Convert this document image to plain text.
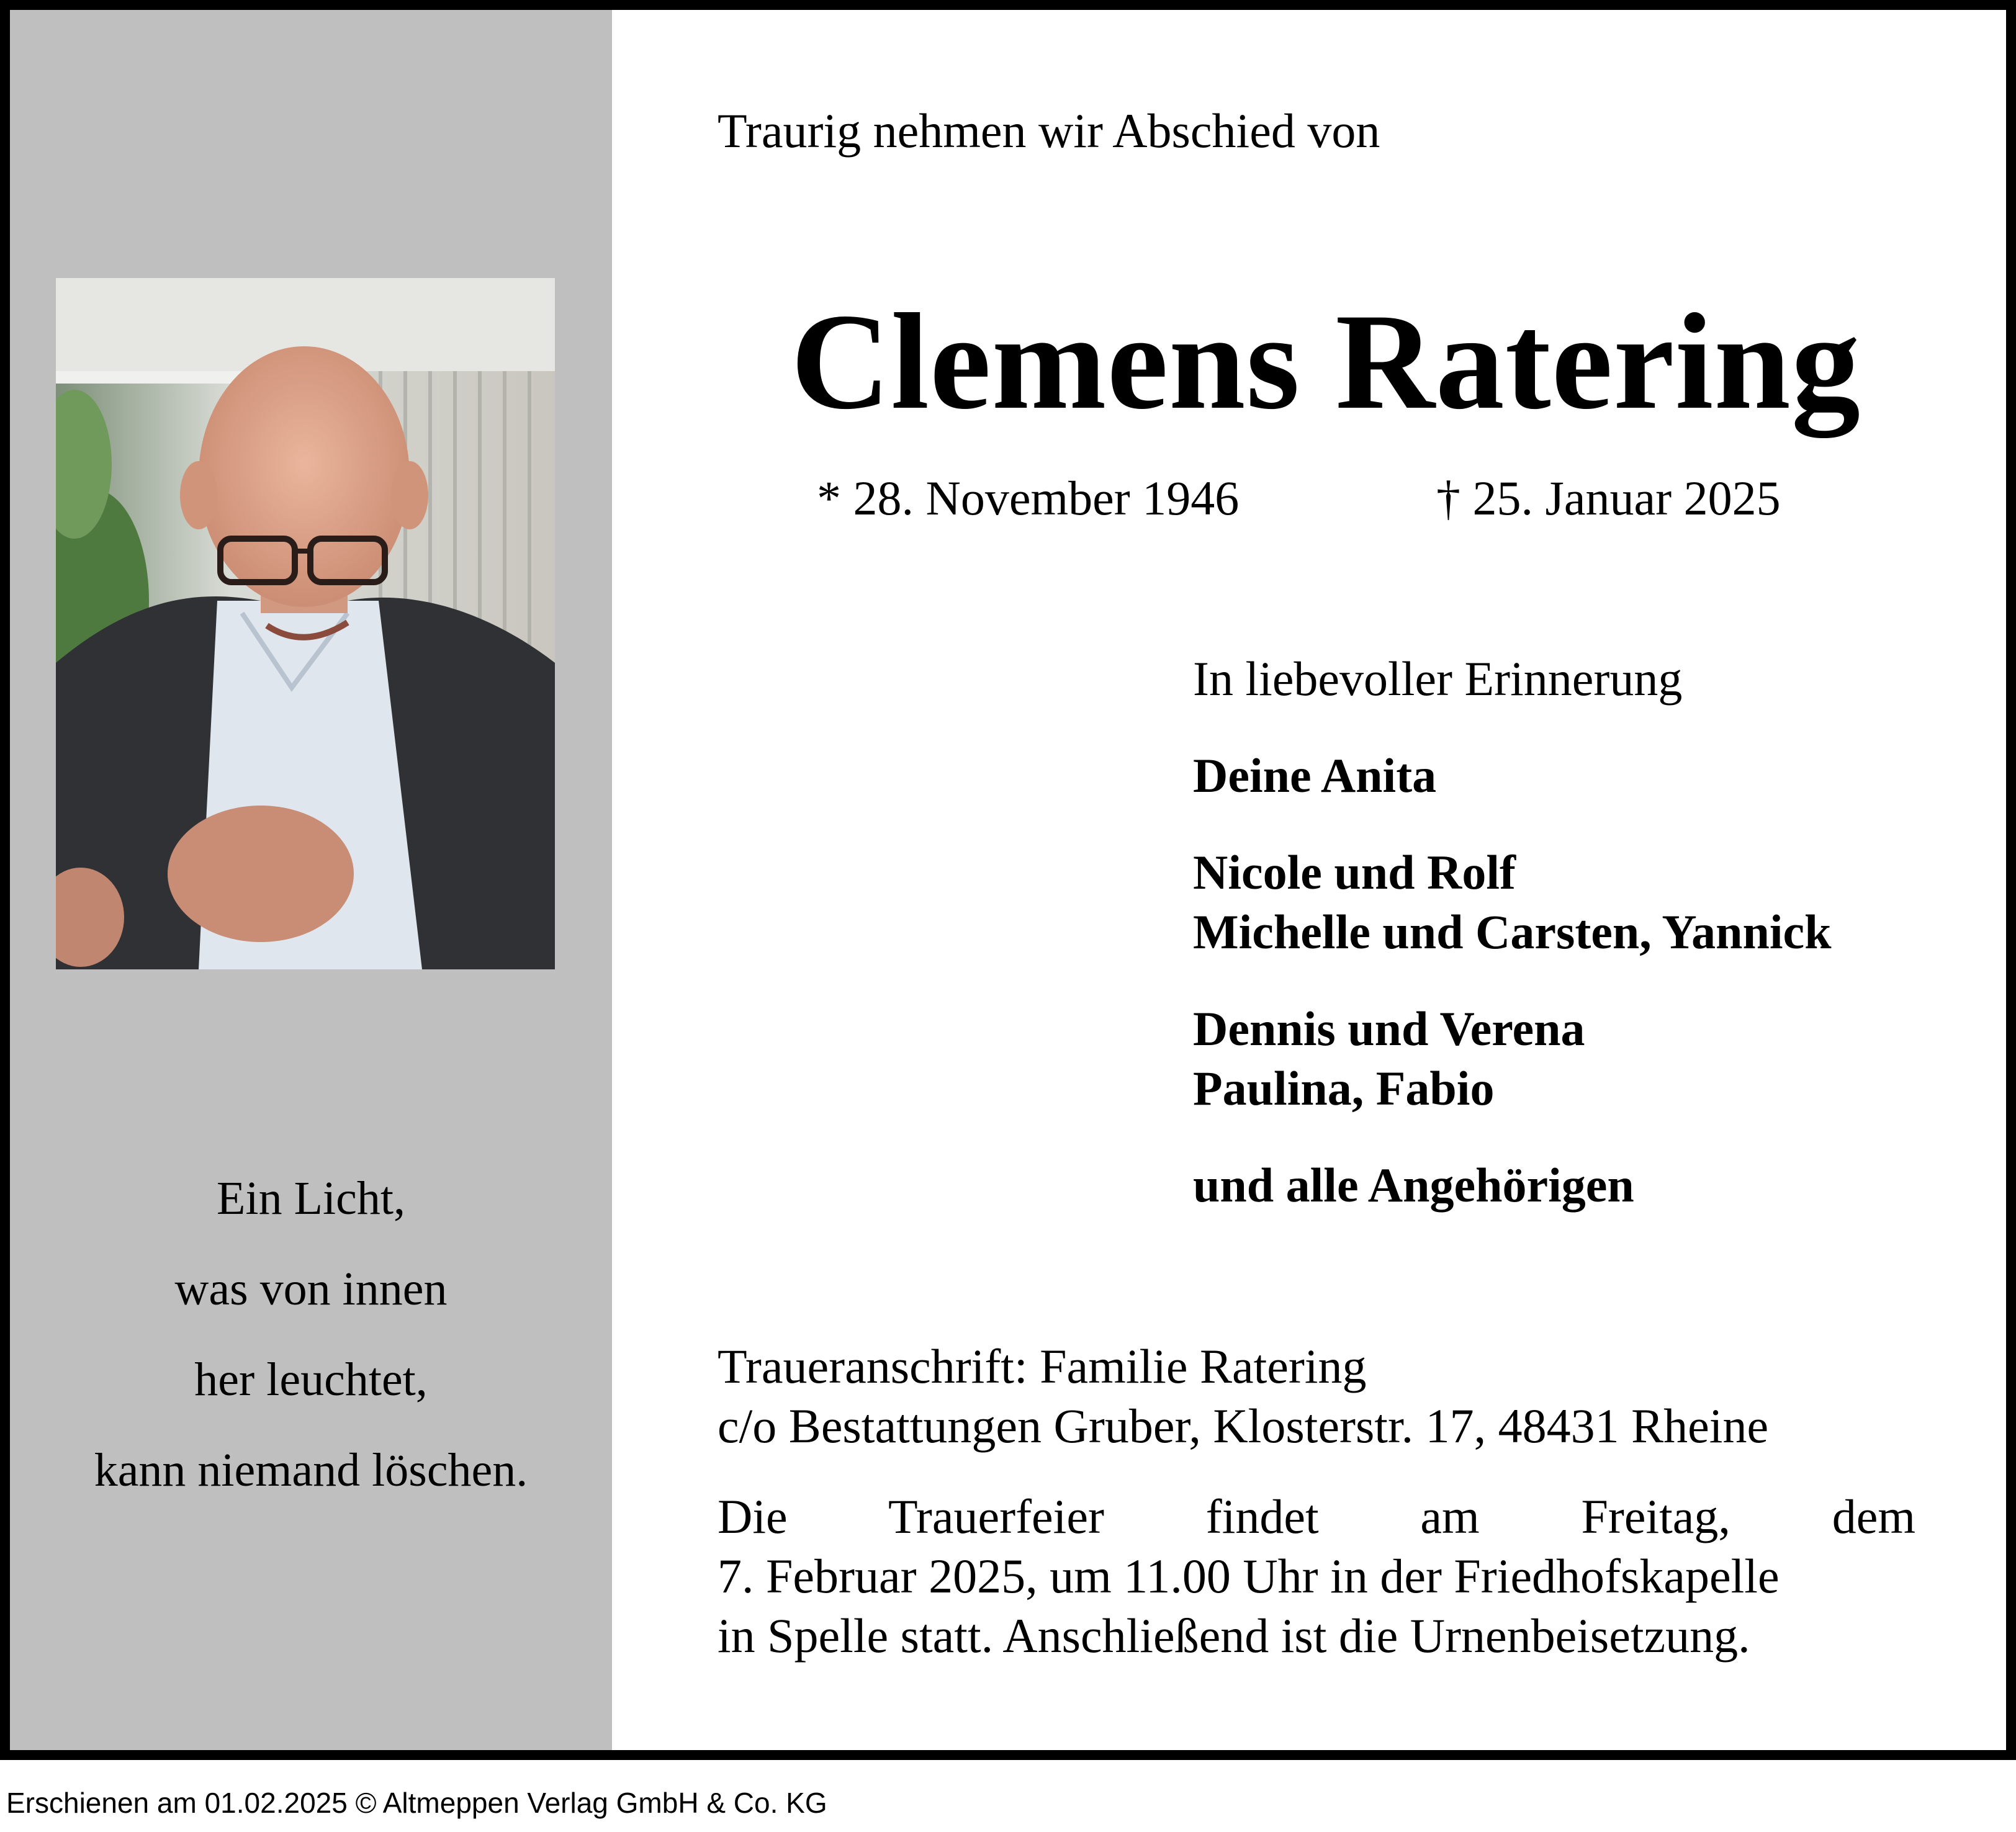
Ein Licht,
was von innen
her leuchtet,
kann niemand löschen.
Traurig nehmen wir Abschied von
Clemens Ratering
* 28. November 1946	† 25. Januar 2025
In liebevoller Erinnerung
Deine Anita
Nicole und Rolf
Michelle und Carsten, Yannick
Dennis und Verena
Paulina, Fabio
und alle Angehörigen
Traueranschrift: Familie Ratering
c/o Bestattungen Gruber, Klosterstr. 17, 48431 Rheine
Die Trauerfeier findet am Freitag, dem
7. Februar 2025, um 11.00 Uhr in der Friedhofskapelle
in Spelle statt. Anschließend ist die Urnenbeisetzung.
Erschienen am 01.02.2025 © Altmeppen Verlag GmbH & Co. KG
